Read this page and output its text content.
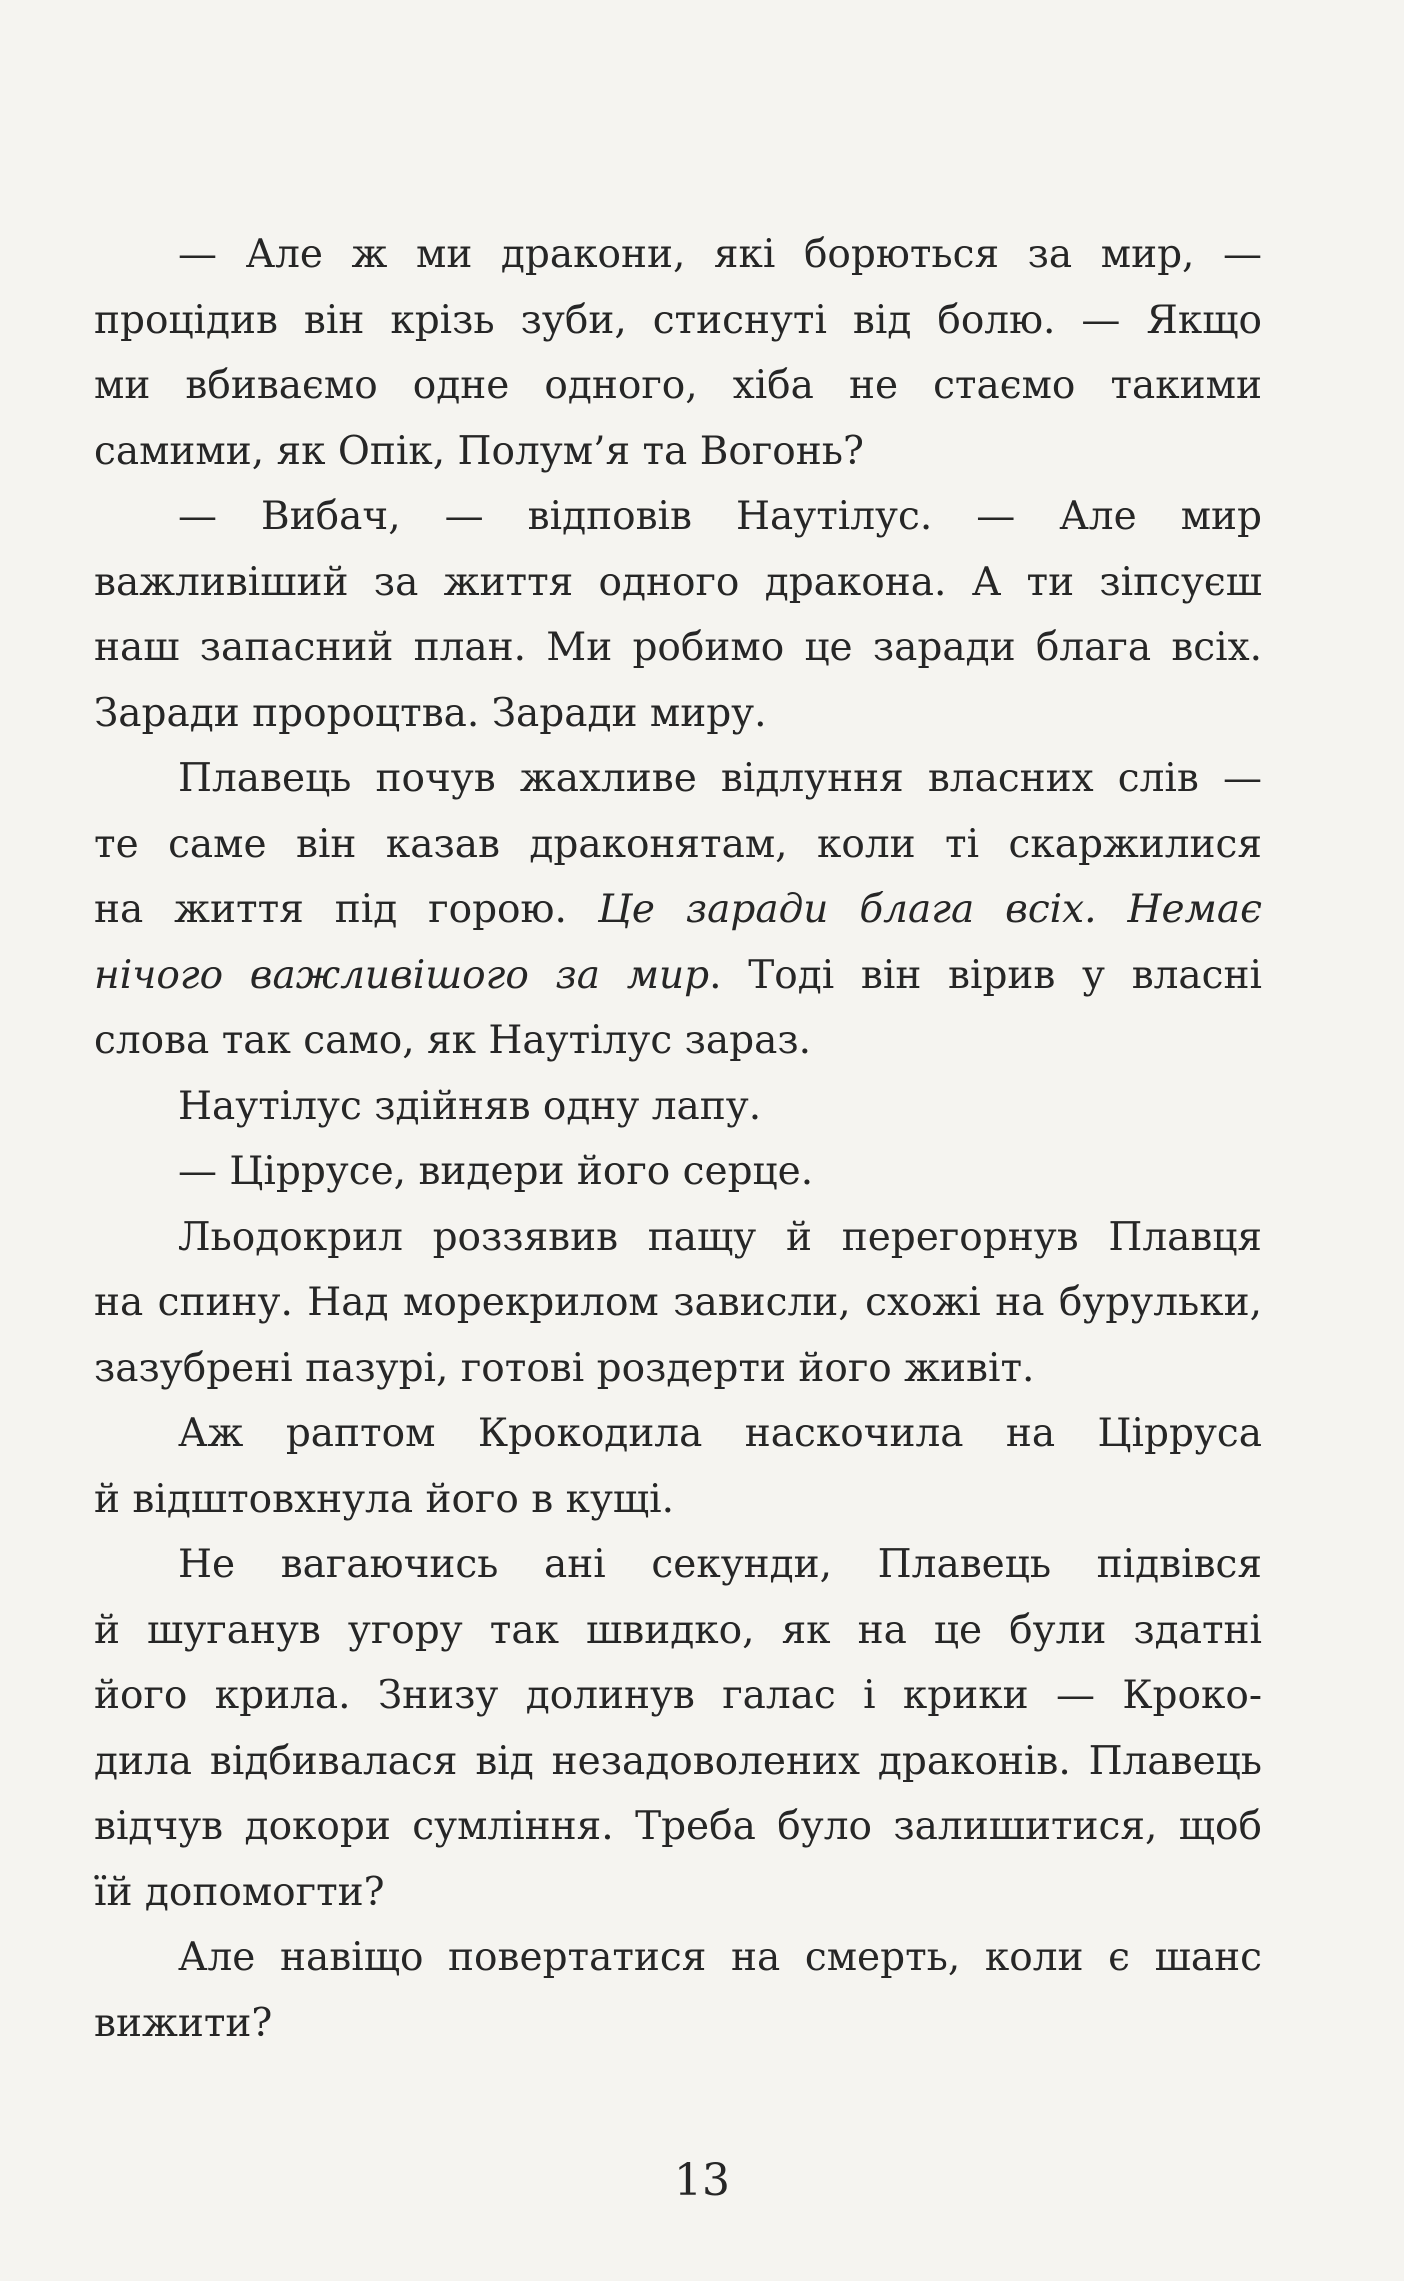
— Але ж ми дракони, які борються за мир, —
процідив він крізь зуби, стиснуті від болю. — Якщо
ми вбиваємо одне одного, хіба не стаємо такими
самими, як Опік, Полум’я та Вогонь?

— Вибач, — відповів Наутілус. — Але мир
важливіший за життя одного дракона. А ти зіпсуєш
наш запасний план. Ми робимо це заради блага всіх.
Заради пророцтва. Заради миру.

Плавець почув жахливе відлуння власних слів —
те саме він казав драконятам, коли ті скаржилися
на життя під горою. Це заради блага всіх. Немає
нічого важливішого за мир. Тоді він вірив у власні
слова так само, як Наутілус зараз.

Наутілус здійняв одну лапу.

— Ціррусе, видери його серце.

Льодокрил роззявив пащу й перегорнув Плавця
на спину. Над морекрилом зависли, схожі на бурульки,
зазубрені пазурі, готові роздерти його живіт.

Аж раптом Крокодила наскочила на Цірруса
й відштовхнула його в кущі.

Не вагаючись ані секунди, Плавець підвівся
й шуганув угору так швидко, як на це були здатні
його крила. Знизу долинув галас і крики — Кроко-
дила відбивалася від незадоволених драконів. Плавець
відчув докори сумління. Треба було залишитися, щоб
їй допомогти?

Але навіщо повертатися на смерть, коли є шанс
вижити?

13
